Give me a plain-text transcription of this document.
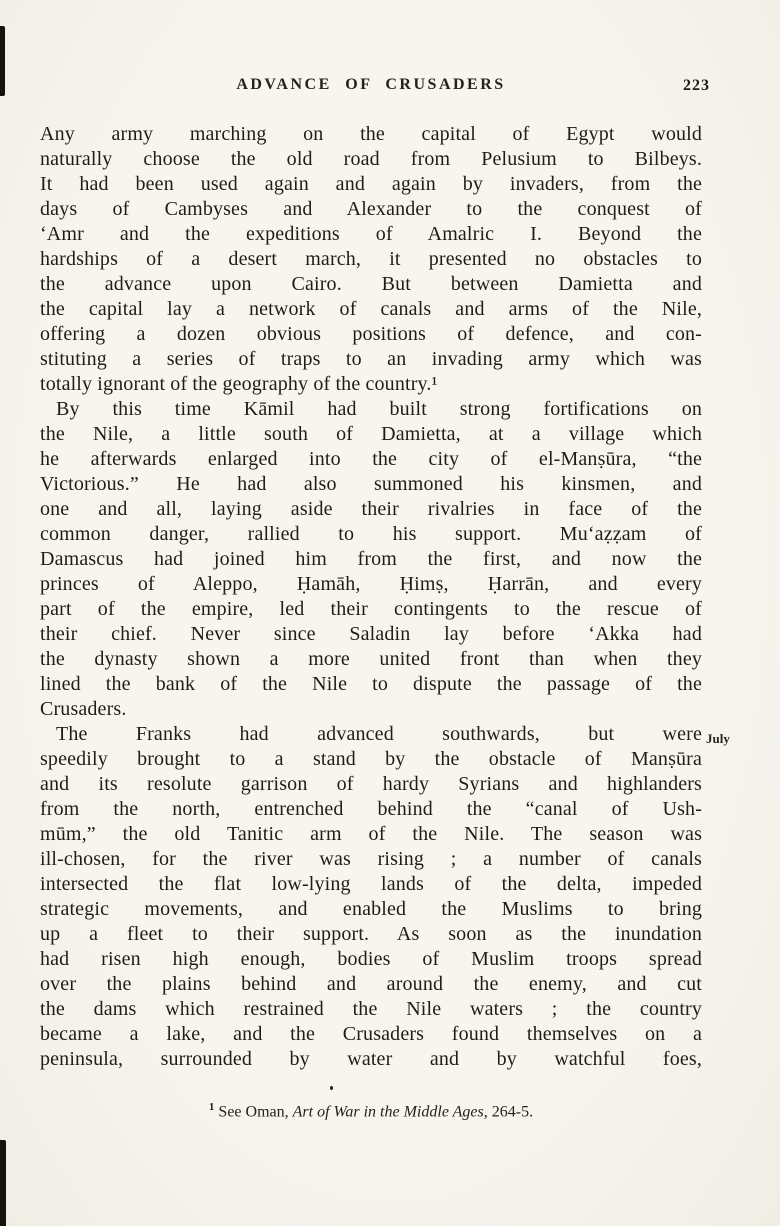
ADVANCE OF CRUSADERS	223
Any army marching on the capital of Egypt would
naturally choose the old road from Pelusium to Bilbeys.
It had been used again and again by invaders, from the
days of Cambyses and Alexander to the conquest of
‘Amr and the expeditions of Amalric I. Beyond the
hardships of a desert march, it presented no obstacles to
the advance upon Cairo. But between Damietta and
the capital lay a network of canals and arms of the Nile,
offering a dozen obvious positions of defence, and con-
stituting a series of traps to an invading army which was
totally ignorant of the geography of the country.¹
By this time Kāmil had built strong fortifications on
the Nile, a little south of Damietta, at a village which
he afterwards enlarged into the city of el-Manṣūra, “the
Victorious.” He had also summoned his kinsmen, and
one and all, laying aside their rivalries in face of the
common danger, rallied to his support. Mu‘aẓẓam of
Damascus had joined him from the first, and now the
princes of Aleppo, Ḥamāh, Ḥimṣ, Ḥarrān, and every
part of the empire, led their contingents to the rescue of
their chief. Never since Saladin lay before ‘Akka had
the dynasty shown a more united front than when they
lined the bank of the Nile to dispute the passage of the
Crusaders.
The Franks had advanced southwards, but were
speedily brought to a stand by the obstacle of Manṣūra
and its resolute garrison of hardy Syrians and highlanders
from the north, entrenched behind the “canal of Ush-
mūm,” the old Tanitic arm of the Nile. The season was
ill-chosen, for the river was rising ; a number of canals
intersected the flat low-lying lands of the delta, impeded
strategic movements, and enabled the Muslims to bring
up a fleet to their support. As soon as the inundation
had risen high enough, bodies of Muslim troops spread
over the plains behind and around the enemy, and cut
the dams which restrained the Nile waters ; the country
became a lake, and the Crusaders found themselves on a
peninsula, surrounded by water and by watchful foes,
July
$^1$ See Oman, Art of War in the Middle Ages, 264-5.
